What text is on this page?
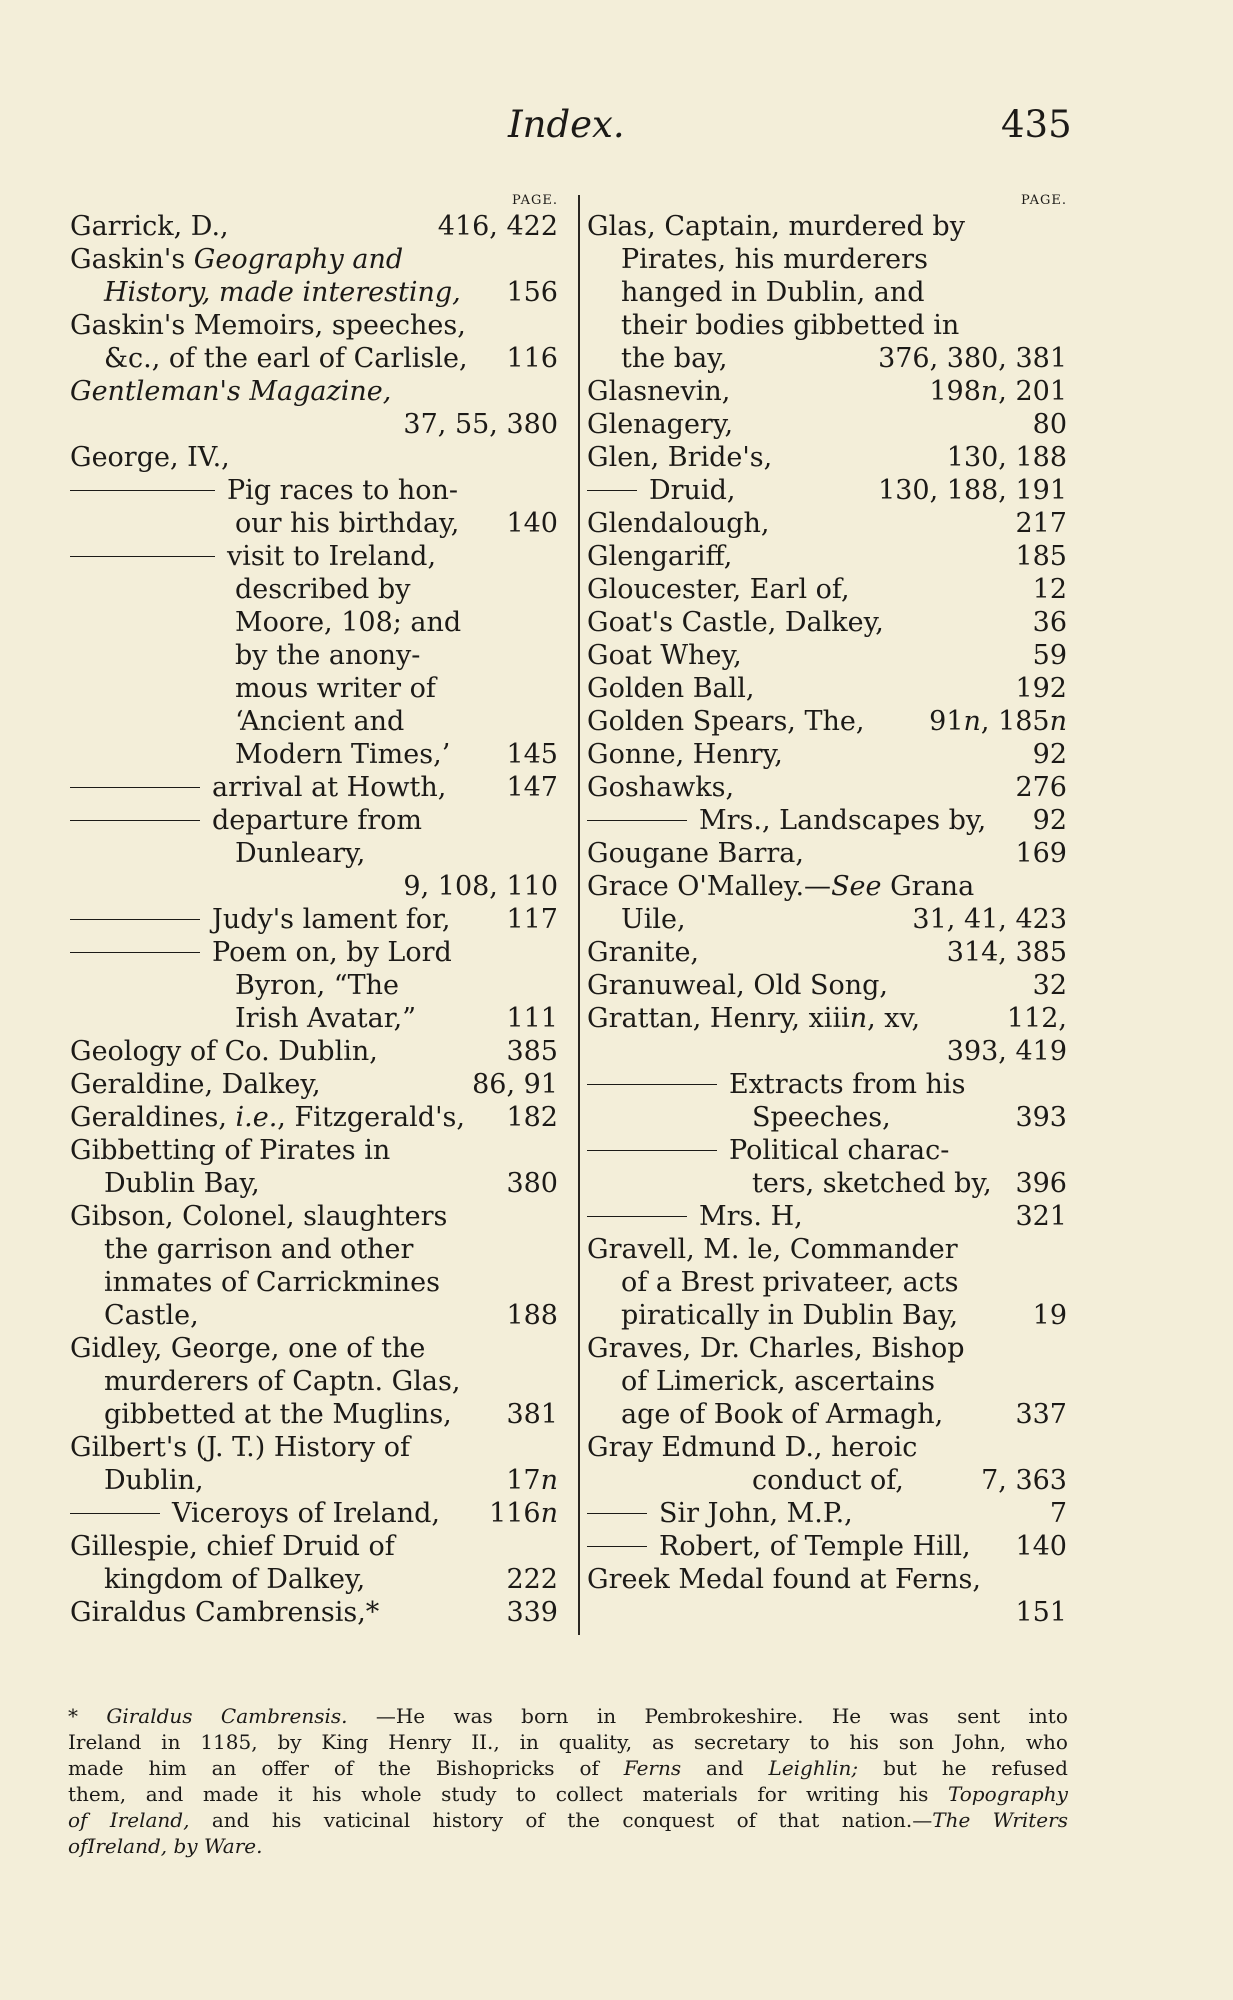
Index.	435
PAGE.
Garrick, D.,	416, 422
Gaskin's Geography and
History, made interesting,	156
Gaskin's Memoirs, speeches,
&c., of the earl of Carlisle,	116
Gentleman's Magazine,
37, 55, 380
George, IV.,
Pig races to hon-
our his birthday,	140
visit to Ireland,
described by
Moore, 108; and
by the anony-
mous writer of
‘Ancient and
Modern Times,’	145
arrival at Howth,	147
departure from
Dunleary,
9, 108, 110
Judy's lament for,	117
Poem on, by Lord
Byron, “The
Irish Avatar,”	111
Geology of Co. Dublin,	385
Geraldine, Dalkey,	86, 91
Geraldines, i.e., Fitzgerald's,	182
Gibbetting of Pirates in
Dublin Bay,	380
Gibson, Colonel, slaughters
the garrison and other
inmates of Carrickmines
Castle,	188
Gidley, George, one of the
murderers of Captn. Glas,
gibbetted at the Muglins,	381
Gilbert's (J. T.) History of
Dublin,	17n
Viceroys of Ireland,	116n
Gillespie, chief Druid of
kingdom of Dalkey,	222
Giraldus Cambrensis,*	339
PAGE.
Glas, Captain, murdered by
Pirates, his murderers
hanged in Dublin, and
their bodies gibbetted in
the bay,	376, 380, 381
Glasnevin,	198n, 201
Glenagery,	80
Glen, Bride's,	130, 188
Druid,	130, 188, 191
Glendalough,	217
Glengariff,	185
Gloucester, Earl of,	12
Goat's Castle, Dalkey,	36
Goat Whey,	59
Golden Ball,	192
Golden Spears, The,	91n, 185n
Gonne, Henry,	92
Goshawks,	276
Mrs., Landscapes by,	92
Gougane Barra,	169
Grace O'Malley.—See Grana
Uile,	31, 41, 423
Granite,	314, 385
Granuweal, Old Song,	32
Grattan, Henry, xiiin, xv,	112,
393, 419
Extracts from his
Speeches,	393
Political charac-
ters, sketched by, 396
Mrs. H,	321
Gravell, M. le, Commander
of a Brest privateer, acts
piratically in Dublin Bay,	19
Graves, Dr. Charles, Bishop
of Limerick, ascertains
age of Book of Armagh,	337
Gray Edmund D., heroic
conduct of,	7, 363
Sir John, M.P.,	7
Robert, of Temple Hill,	140
Greek Medal found at Ferns,
151
* Giraldus Cambrensis. —He was born in Pembrokeshire. He was sent into
Ireland in 1185, by King Henry II., in quality, as secretary to his son John, who
made him an offer of the Bishopricks of Ferns and Leighlin; but he refused
them, and made it his whole study to collect materials for writing his Topography
of Ireland, and his vaticinal history of the conquest of that nation.—The Writers
of Ireland, by Ware.
